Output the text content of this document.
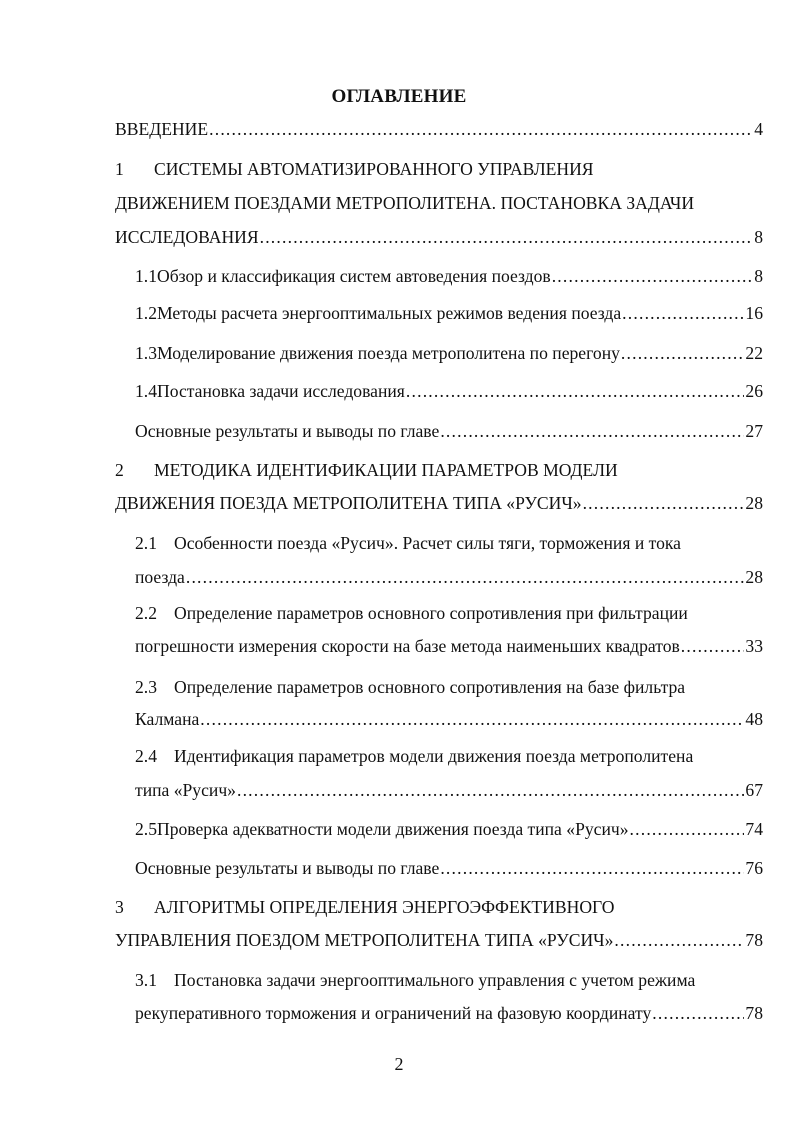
ОГЛАВЛЕНИЕ
ВВЕДЕНИЕ .....	4
1	СИСТЕМЫ АВТОМАТИЗИРОВАННОГО УПРАВЛЕНИЯ
ДВИЖЕНИЕМ ПОЕЗДАМИ МЕТРОПОЛИТЕНА. ПОСТАНОВКА ЗАДАЧИ
ИССЛЕДОВАНИЯ .....	8
1.1 Обзор и классификация систем автоведения поездов .....	8
1.2 Методы расчета энергооптимальных режимов ведения поезда .....	16
1.3 Моделирование движения поезда метрополитена по перегону .....	22
1.4 Постановка задачи исследования .....	26
Основные результаты и выводы по главе .....	27
2	МЕТОДИКА ИДЕНТИФИКАЦИИ ПАРАМЕТРОВ МОДЕЛИ
ДВИЖЕНИЯ ПОЕЗДА МЕТРОПОЛИТЕНА ТИПА «РУСИЧ» .....	28
2.1 Особенности поезда «Русич». Расчет силы тяги, торможения и тока
поезда .....	28
2.2 Определение параметров основного сопротивления при фильтрации
погрешности измерения скорости на базе метода наименьших квадратов .....	33
2.3 Определение параметров основного сопротивления на базе фильтра
Калмана .....	48
2.4 Идентификация параметров модели движения поезда метрополитена
типа «Русич» .....	67
2.5 Проверка адекватности модели движения поезда типа «Русич» .....	74
Основные результаты и выводы по главе .....	76
3	АЛГОРИТМЫ ОПРЕДЕЛЕНИЯ ЭНЕРГОЭФФЕКТИВНОГО
УПРАВЛЕНИЯ ПОЕЗДОМ МЕТРОПОЛИТЕНА ТИПА «РУСИЧ» .....	78
3.1 Постановка задачи энергооптимального управления с учетом режима
рекуперативного торможения и ограничений на фазовую координату .....	78
2
